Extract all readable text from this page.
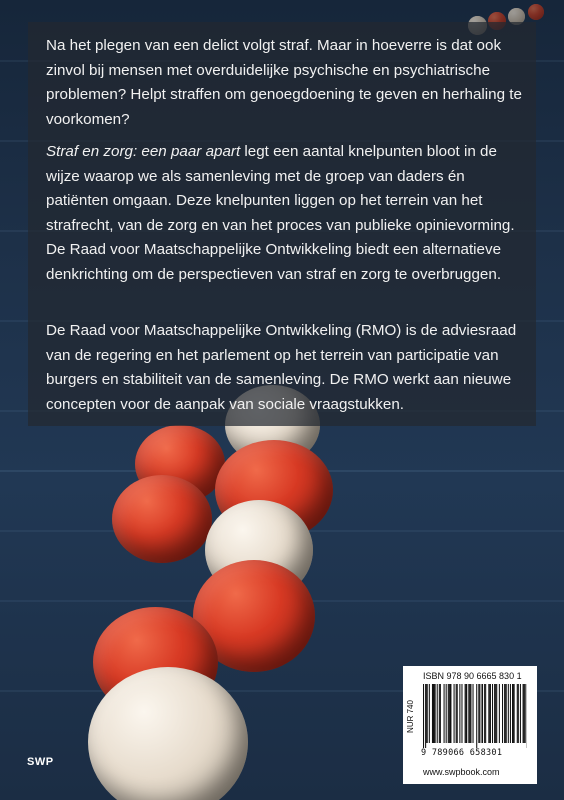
Na het plegen van een delict volgt straf. Maar in hoeverre is dat ook zinvol bij mensen met overduidelijke psychische en psychiatrische problemen? Helpt straffen om genoegdoening te geven en herhaling te voorkomen?

Straf en zorg: een paar apart legt een aantal knelpunten bloot in de wijze waarop we als samenleving met de groep van daders én patiënten omgaan. Deze knelpunten liggen op het terrein van het strafrecht, van de zorg en van het proces van publieke opinievorming. De Raad voor Maatschappelijke Ontwikkeling biedt een alternatieve denkrichting om de perspectieven van straf en zorg te overbruggen.

De Raad voor Maatschappelijke Ontwikkeling (RMO) is de adviesraad van de regering en het parlement op het terrein van participatie van burgers en stabiliteit van de samenleving. De RMO werkt aan nieuwe concepten voor de aanpak van sociale vraagstukken.

ISBN 978 90 6665 830 1
NUR 740
9 789066 658301
www.swpbook.com
SWP
